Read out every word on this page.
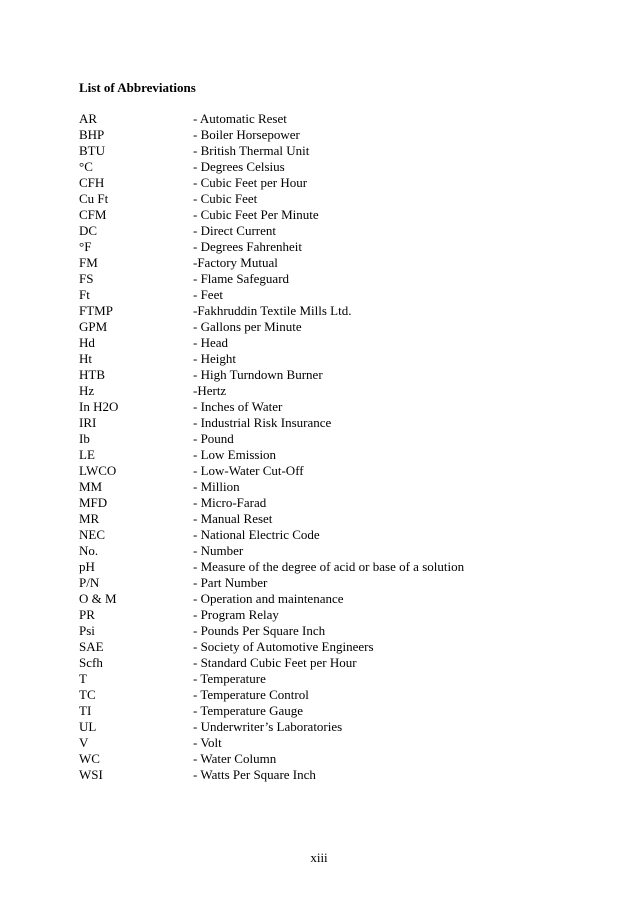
List of Abbreviations
AR	- Automatic Reset
BHP	- Boiler Horsepower
BTU	- British Thermal Unit
°C	- Degrees Celsius
CFH	- Cubic Feet per Hour
Cu Ft	- Cubic Feet
CFM	- Cubic Feet Per Minute
DC	- Direct Current
°F	- Degrees Fahrenheit
FM	-Factory Mutual
FS	- Flame Safeguard
Ft	- Feet
FTMP	-Fakhruddin Textile Mills Ltd.
GPM	- Gallons per Minute
Hd	- Head
Ht	- Height
HTB	- High Turndown Burner
Hz	-Hertz
In H2O	- Inches of Water
IRI	- Industrial Risk Insurance
Ib	- Pound
LE	- Low Emission
LWCO	- Low-Water Cut-Off
MM	- Million
MFD	- Micro-Farad
MR	- Manual Reset
NEC	- National Electric Code
No.	- Number
pH	- Measure of the degree of acid or base of a solution
P/N	- Part Number
O & M	- Operation and maintenance
PR	- Program Relay
Psi	- Pounds Per Square Inch
SAE	- Society of Automotive Engineers
Scfh	- Standard Cubic Feet per Hour
T	- Temperature
TC	- Temperature Control
TI	- Temperature Gauge
UL	- Underwriter’s Laboratories
V	- Volt
WC	- Water Column
WSI	- Watts Per Square Inch
xiii
